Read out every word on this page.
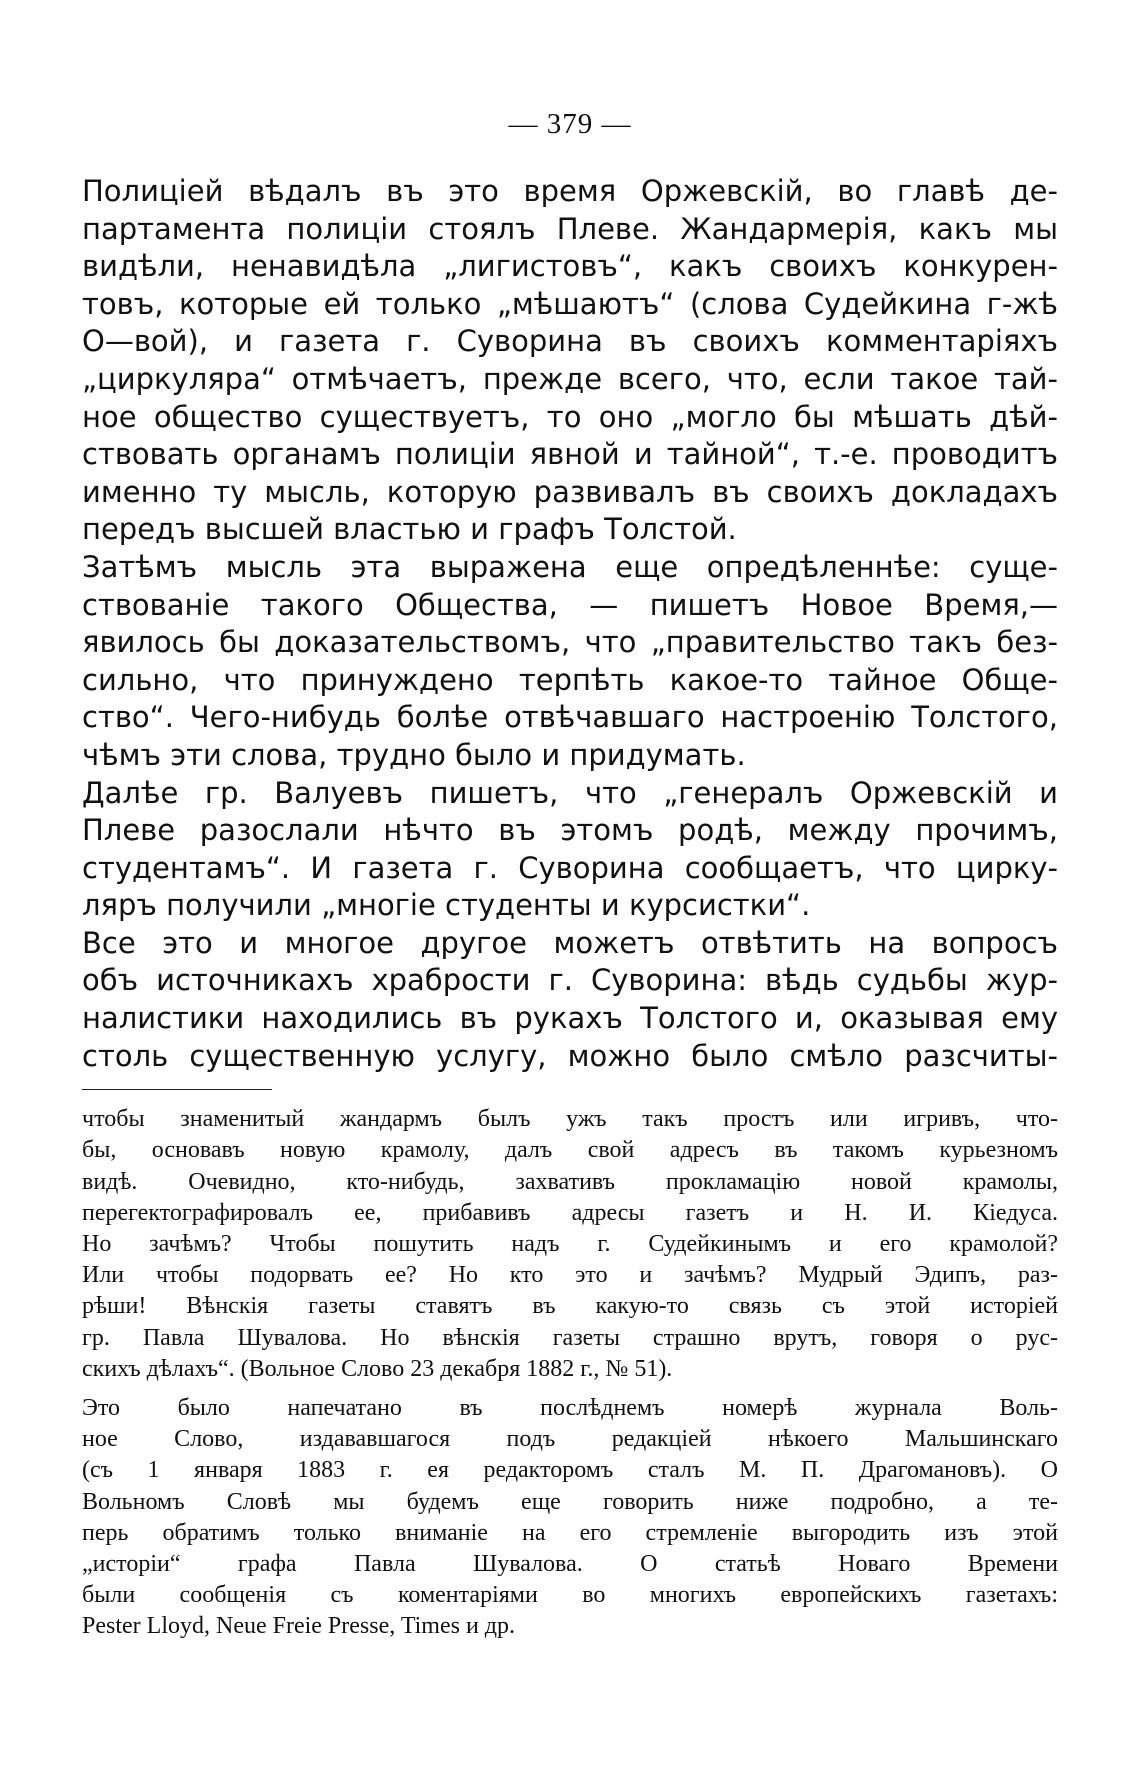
— 379 —
Полицiей вѣдалъ въ это время Оржевскiй, во главѣ де-
партамента полицiи стоялъ Плеве. Жандармерiя, какъ мы
видѣли, ненавидѣла „лигистовъ“, какъ своихъ конкурен-
товъ, которые ей только „мѣшаютъ“ (слова Судейкина г-жѣ
О—вой), и газета г. Суворина въ своихъ комментарiяхъ
„циркуляра“ отмѣчаетъ, прежде всего, что, если такое тай-
ное общество существуетъ, то оно „могло бы мѣшать дѣй-
ствовать органамъ полицiи явной и тайной“, т.-е. проводитъ
именно ту мысль, которую развивалъ въ своихъ докладахъ
передъ высшей властью и графъ Толстой.
Затѣмъ мысль эта выражена еще опредѣленнѣе: суще-
ствованiе такого Общества, — пишетъ Новое Время,—
явилось бы доказательствомъ, что „правительство такъ без-
сильно, что принуждено терпѣть какое-то тайное Обще-
ство“. Чего-нибудь болѣе отвѣчавшаго настроенiю Толстого,
чѣмъ эти слова, трудно было и придумать.
Далѣе гр. Валуевъ пишетъ, что „генералъ Оржевскiй и
Плеве разослали нѣчто въ этомъ родѣ, между прочимъ,
студентамъ“. И газета г. Суворина сообщаетъ, что цирку-
ляръ получили „многiе студенты и курсистки“.
Все это и многое другое можетъ отвѣтить на вопросъ
объ источникахъ храбрости г. Суворина: вѣдь судьбы жур-
налистики находились въ рукахъ Толстого и, оказывая ему
столь существенную услугу, можно было смѣло разсчиты-
чтобы знаменитый жандармъ былъ ужъ такъ простъ или игривъ, что-
бы, основавъ новую крамолу, далъ свой адресъ въ такомъ курьезномъ
видѣ. Очевидно, кто-нибудь, захвативъ прокламацiю новой крамолы,
перегектографировалъ ее, прибавивъ адресы газетъ и Н. И. Кiедуса.
Но зачѣмъ? Чтобы пошутить надъ г. Судейкинымъ и его крамолой?
Или чтобы подорвать ее? Но кто это и зачѣмъ? Мудрый Эдипъ, раз-
рѣши! Вѣнскiя газеты ставятъ въ какую-то связь съ этой исторiей
гр. Павла Шувалова. Но вѣнскiя газеты страшно врутъ, говоря о рус-
скихъ дѣлахъ“. (Вольное Слово 23 декабря 1882 г., № 51).
Это было напечатано въ послѣднемъ номерѣ журнала Воль-
ное Слово, издававшагося подъ редакцiей нѣкоего Мальшинскаго
(съ 1 января 1883 г. ея редакторомъ сталъ М. П. Драгомановъ). О
Вольномъ Словѣ мы будемъ еще говорить ниже подробно, а те-
перь обратимъ только вниманiе на его стремленiе выгородить изъ этой
„исторiи“ графа Павла Шувалова. О статьѣ Новаго Времени
были сообщенiя съ коментарiями во многихъ европейскихъ газетахъ:
Pester Lloyd, Neue Freie Presse, Times и др.
